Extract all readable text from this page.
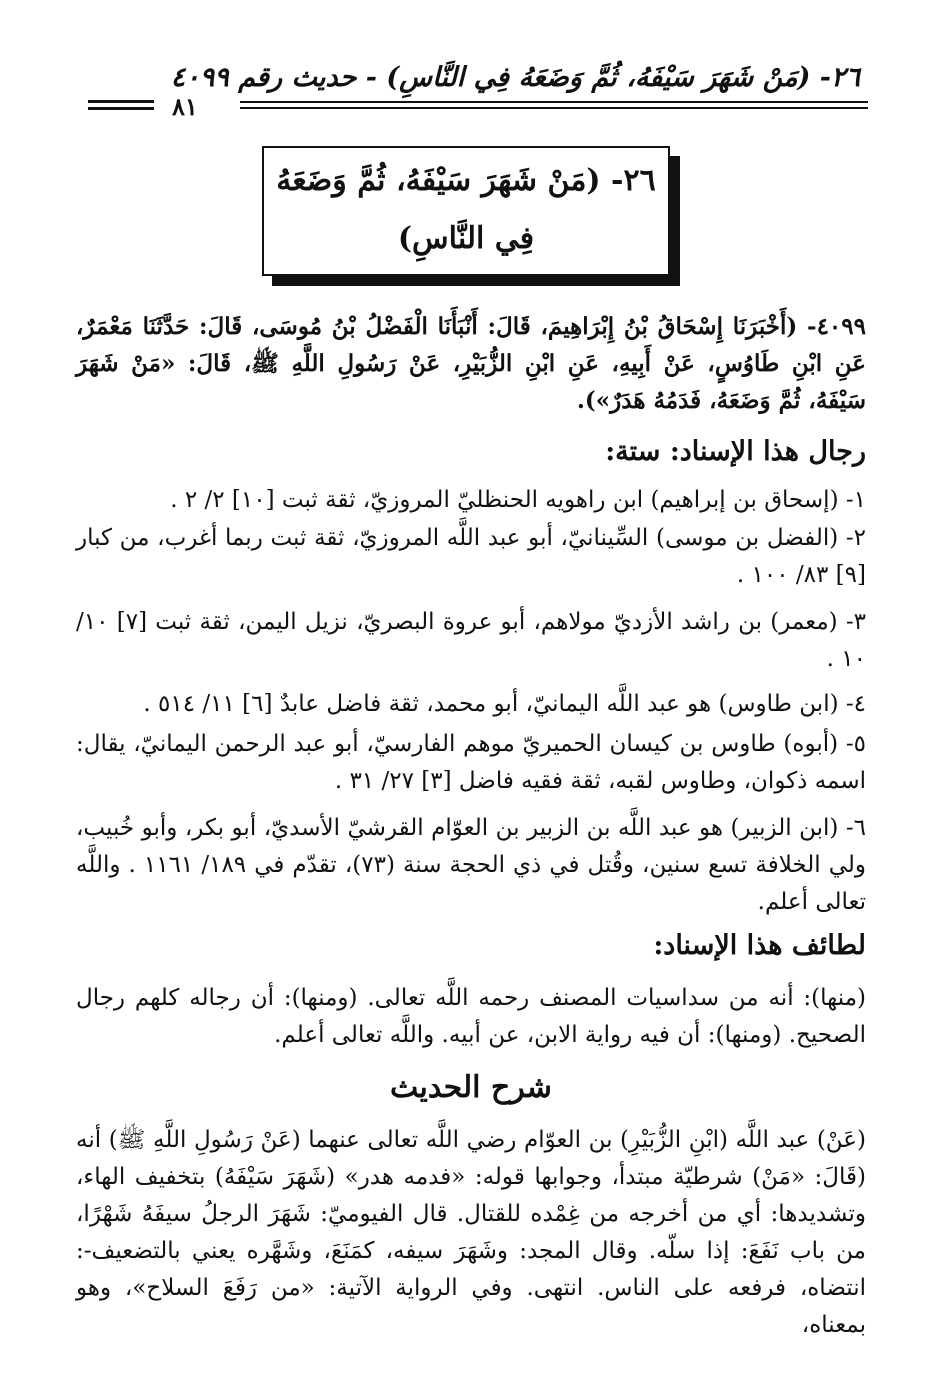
٢٦- (مَنْ شَهَرَ سَيْفَهُ، ثُمَّ وَضَعَهُ فِي النَّاسِ) - حديث رقم ٤٠٩٩
٨١
٢٦- (مَنْ شَهَرَ سَيْفَهُ، ثُمَّ وَضَعَهُ فِي النَّاسِ)
٤٠٩٩- (أَخْبَرَنَا إِسْحَاقُ بْنُ إِبْرَاهِيمَ، قَالَ: أَنْبَأَنَا الْفَضْلُ بْنُ مُوسَى، قَالَ: حَدَّثَنَا مَعْمَرٌ، عَنِ ابْنِ طَاوُسٍ، عَنْ أَبِيهِ، عَنِ ابْنِ الزُّبَيْرِ، عَنْ رَسُولِ اللَّهِ ﷺ، قَالَ: «مَنْ شَهَرَ سَيْفَهُ، ثُمَّ وَضَعَهُ، فَدَمُهُ هَدَرٌ»).
رجال هذا الإسناد: ستة:
١- (إسحاق بن إبراهيم) ابن راهويه الحنظليّ المروزيّ، ثقة ثبت [١٠] ٢/ ٢ .
٢- (الفضل بن موسى) السِّينانيّ، أبو عبد اللَّه المروزيّ، ثقة ثبت ربما أغرب، من كبار [٩] ٨٣/ ١٠٠ .
٣- (معمر) بن راشد الأزديّ مولاهم، أبو عروة البصريّ، نزيل اليمن، ثقة ثبت [٧] ١٠/ ١٠ .
٤- (ابن طاوس) هو عبد اللَّه اليمانيّ، أبو محمد، ثقة فاضل عابدٌ [٦] ١١/ ٥١٤ .
٥- (أبوه) طاوس بن كيسان الحميريّ موهم الفارسيّ، أبو عبد الرحمن اليمانيّ، يقال: اسمه ذكوان، وطاوس لقبه، ثقة فقيه فاضل [٣] ٢٧/ ٣١ .
٦- (ابن الزبير) هو عبد اللَّه بن الزبير بن العوّام القرشيّ الأسديّ، أبو بكر، وأبو خُبيب، ولي الخلافة تسع سنين، وقُتل في ذي الحجة سنة (٧٣)، تقدّم في ١٨٩/ ١١٦١ . واللَّه تعالى أعلم.
لطائف هذا الإسناد:
(منها): أنه من سداسيات المصنف رحمه اللَّه تعالى. (ومنها): أن رجاله كلهم رجال الصحيح. (ومنها): أن فيه رواية الابن، عن أبيه. واللَّه تعالى أعلم.
شرح الحديث
(عَنْ) عبد اللَّه (ابْنِ الزُّبَيْرِ) بن العوّام رضي اللَّه تعالى عنهما (عَنْ رَسُولِ اللَّهِ ﷺ) أنه (قَالَ: «مَنْ) شرطيّة مبتدأ، وجوابها قوله: «فدمه هدر» (شَهَرَ سَيْفَهُ) بتخفيف الهاء، وتشديدها: أي من أخرجه من غِمْده للقتال. قال الفيوميّ: شَهَرَ الرجلُ سيفَهُ شَهْرًا، من باب نَفَعَ: إذا سلّه. وقال المجد: وشَهَرَ سيفه، كمَنَعَ، وشَهَّره يعني بالتضعيف-: انتضاه، فرفعه على الناس. انتهى. وفي الرواية الآتية: «من رَفَعَ السلاح»، وهو بمعناه،
